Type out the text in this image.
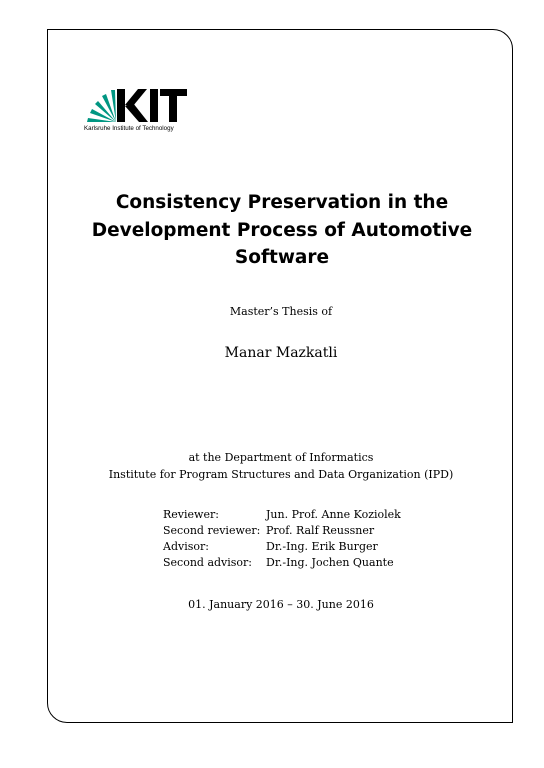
Karlsruhe Institute of Technology
Consistency Preservation in the
Development Process of Automotive
Software
Master’s Thesis of
Manar Mazkatli
at the Department of Informatics
Institute for Program Structures and Data Organization (IPD)
Reviewer:	Jun. Prof. Anne Koziolek
Second reviewer: Prof. Ralf Reussner
Advisor:	Dr.-Ing. Erik Burger
Second advisor:	Dr.-Ing. Jochen Quante
01. January 2016 – 30. June 2016
